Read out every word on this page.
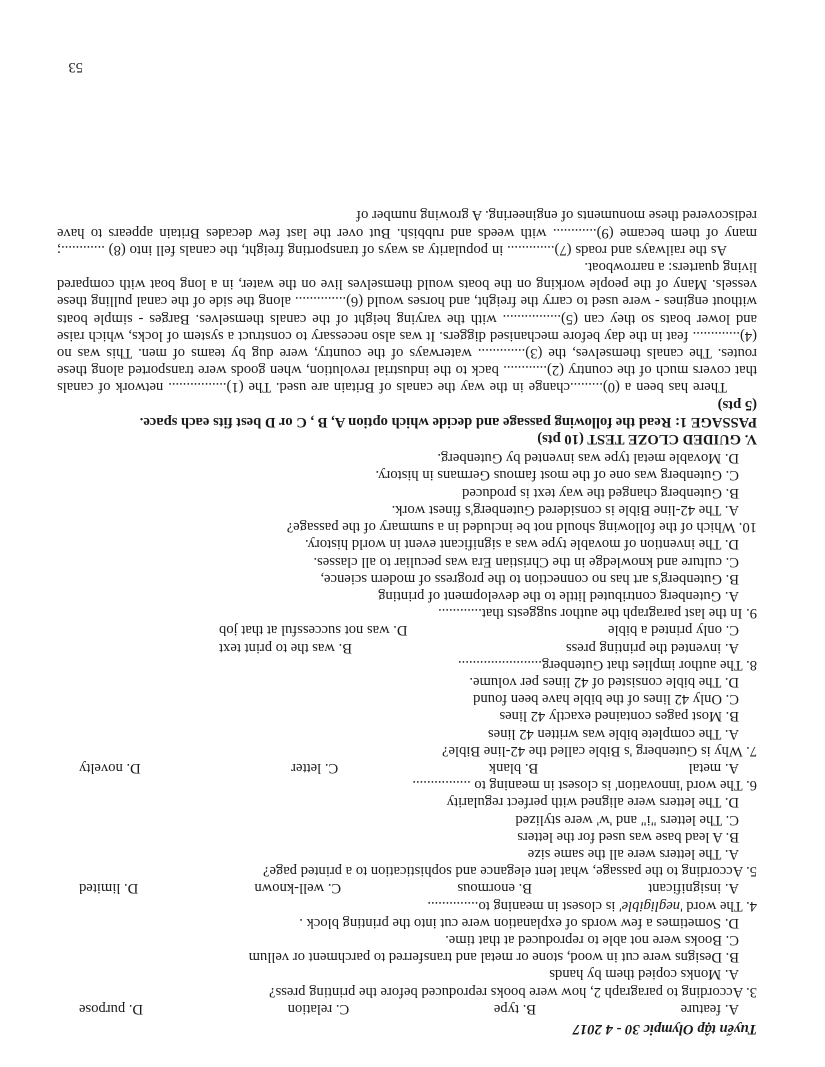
Tuyển tập Olympic 30 - 4 2017
A. feature
B. type
C. relation
D. purpose

3. According to paragraph 2, how were books reproduced before the printing press?

A. Monks copied them by hands

B. Designs were cut in wood, stone or metal and transferred to parchment or vellum

C. Books were not able to reproduced at that time.

D. Sometimes a few words of explanation were cut into the printing block .

4. The word 'negligible' is closest in meaning to..............

A. insignificant
B. enormous
C. well-known
D. limited

5. According to the passage, what lent elegance and sophistication to a printed page?

A. The letters were all the same size

B. A lead base was used for the letters

C. The letters "i" and 'w' were stylized

D. The letters were aligned with perfect regularity

6. The word 'innovation' is closest in meaning to ................

A. metal
B. blank
C. letter
D. novelty

7. Why is Gutenberg 's Bible called the 42-line Bible?

A. The complete bible was written 42 lines

B. Most pages contained exactly 42 lines

C. Only 42 lines of the bible have been found

D. The bible consisted of 42 lines per volume.

8. The author implies that Gutenberg.......................

A. invented the printing press
B. was the to print text
C. only printed a bible
D. was not successful at that job

9. In the last paragraph the author suggests that............

A. Gutenberg contributed little to the development of printing

B. Gutenberg's art has no connection to the progress of modern science,

C. culture and knowledge in the Christian Era was peculiar to all classes.

D. The invention of movable type was a significant event in world history.

10. Which of the following should not be included in a summary of the passage?

A. The 42-line Bible is considered Gutenberg's finest work.

B. Gutenberg changed the way text is produced

C. Gutenberg was one of the most famous Germans in history.

D. Movable metal type was invented by Gutenberg.

V. GUIDED CLOZE TEST (10 pts)

PASSAGE 1: Read the following passage and decide which option A, B , C or D best fits each space.

(5 pts)

There has been a (0).........change in the way the canals of Britain are used. The (1)................ network of canals that covers much of the country (2)............ back to the industrial revolution, when goods were transported along these routes. The canals themselves, the (3)............. waterways of the country, were dug by teams of men. This was no (4)............. feat in the day before mechanised diggers. It was also necessary to construct a system of locks, which raise and lower boats so they can (5)................ with the varying height of the canals themselves. Barges - simple boats without engines - were used to carry the freight, and horses would (6).............. along the side of the canal pulling these vessels. Many of the people working on the boats would themselves live on the water, in a long boat with compared living quarters: a narrowboat.

As the railways and roads (7)............. in popularity as ways of transporting freight, the canals fell into (8) ............; many of them became (9)............ with weeds and rubbish. But over the last few decades Britain appears to have rediscovered these monuments of engineering. A growing number of

53
